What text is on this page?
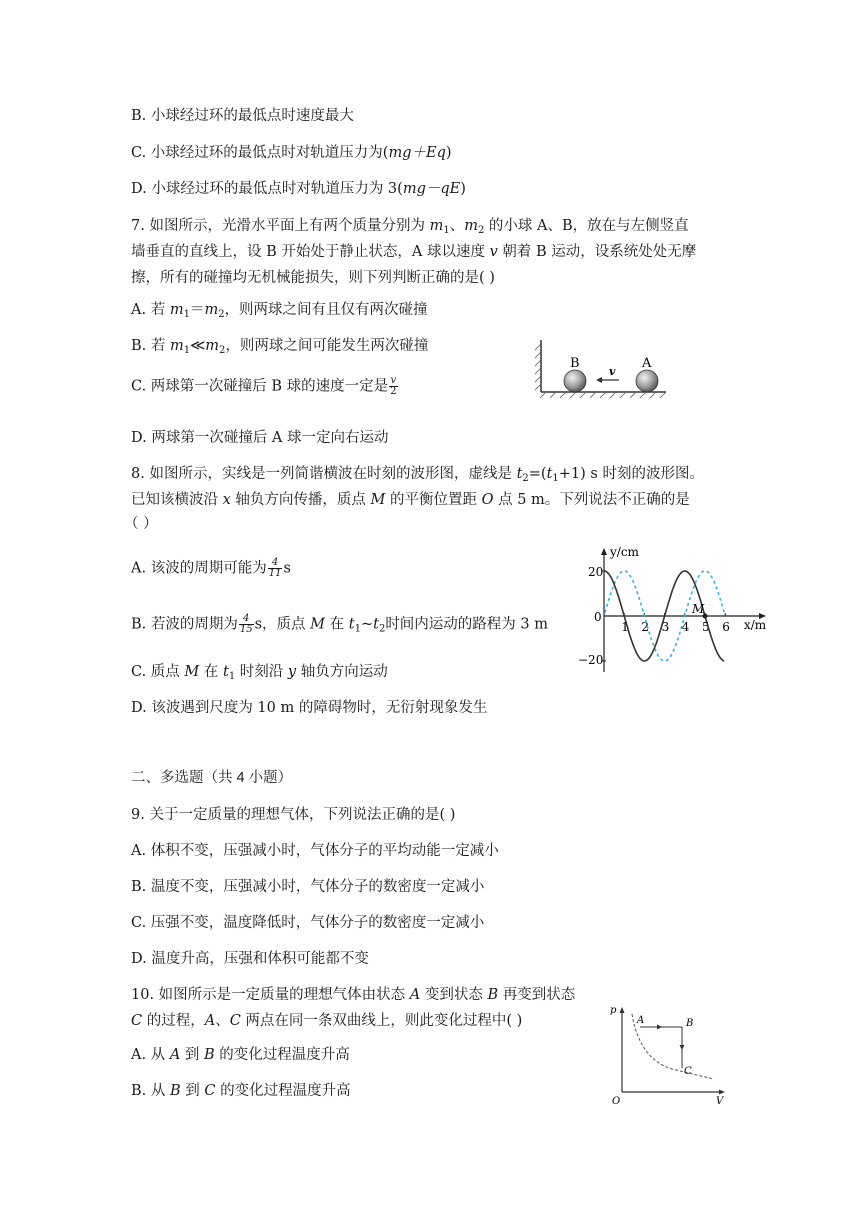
B. 小球经过环的最低点时速度最大
C. 小球经过环的最低点时对轨道压力为(mg＋Eq)
D. 小球经过环的最低点时对轨道压力为 3(mg－qE)
7. 如图所示，光滑水平面上有两个质量分别为 $m_1$、$m_2$ 的小球 A、B，放在与左侧竖直
墙垂直的直线上，设 B 开始处于静止状态，A 球以速度 v 朝着 B 运动，设系统处处无摩
擦，所有的碰撞均无机械能损失，则下列判断正确的是( )
A. 若 $m_1=m_2$，则两球之间有且仅有两次碰撞
B. 若 $m_1≪m_2$，则两球之间可能发生两次碰撞
C. 两球第一次碰撞后 B 球的速度一定是 $\frac{v}{2}$
D. 两球第一次碰撞后 A 球一定向右运动
B	A
v
8. 如图所示，实线是一列简谐横波在时刻的波形图，虚线是 $t_2=(t_1+1)$ s 时刻的波形图。
已知该横波沿 x 轴负方向传播，质点 M 的平衡位置距 O 点 5 m。下列说法不正确的是
（ ）
A. 该波的周期可能为 $\frac{4}{11}$ s
B. 若波的周期为 $\frac{4}{15}$ s，质点 M 在 $t_1\sim t_2$时间内运动的路程为 3 m
C. 质点 M 在 $t_1$ 时刻沿 y 轴负方向运动
D. 该波遇到尺度为 10 m 的障碍物时，无衍射现象发生
y/cm
x/m
20
−20
0
1 2 3 4 5 6
M
二、多选题（共 4 小题）
9. 关于一定质量的理想气体，下列说法正确的是( )
A. 体积不变，压强减小时，气体分子的平均动能一定减小
B. 温度不变，压强减小时，气体分子的数密度一定减小
C. 压强不变，温度降低时，气体分子的数密度一定减小
D. 温度升高，压强和体积可能都不变
10. 如图所示是一定质量的理想气体由状态 A 变到状态 B 再变到状态
C 的过程，A、C 两点在同一条双曲线上，则此变化过程中( )
A. 从 A 到 B 的变化过程温度升高
B. 从 B 到 C 的变化过程温度升高
p
V
O
A	B
C
